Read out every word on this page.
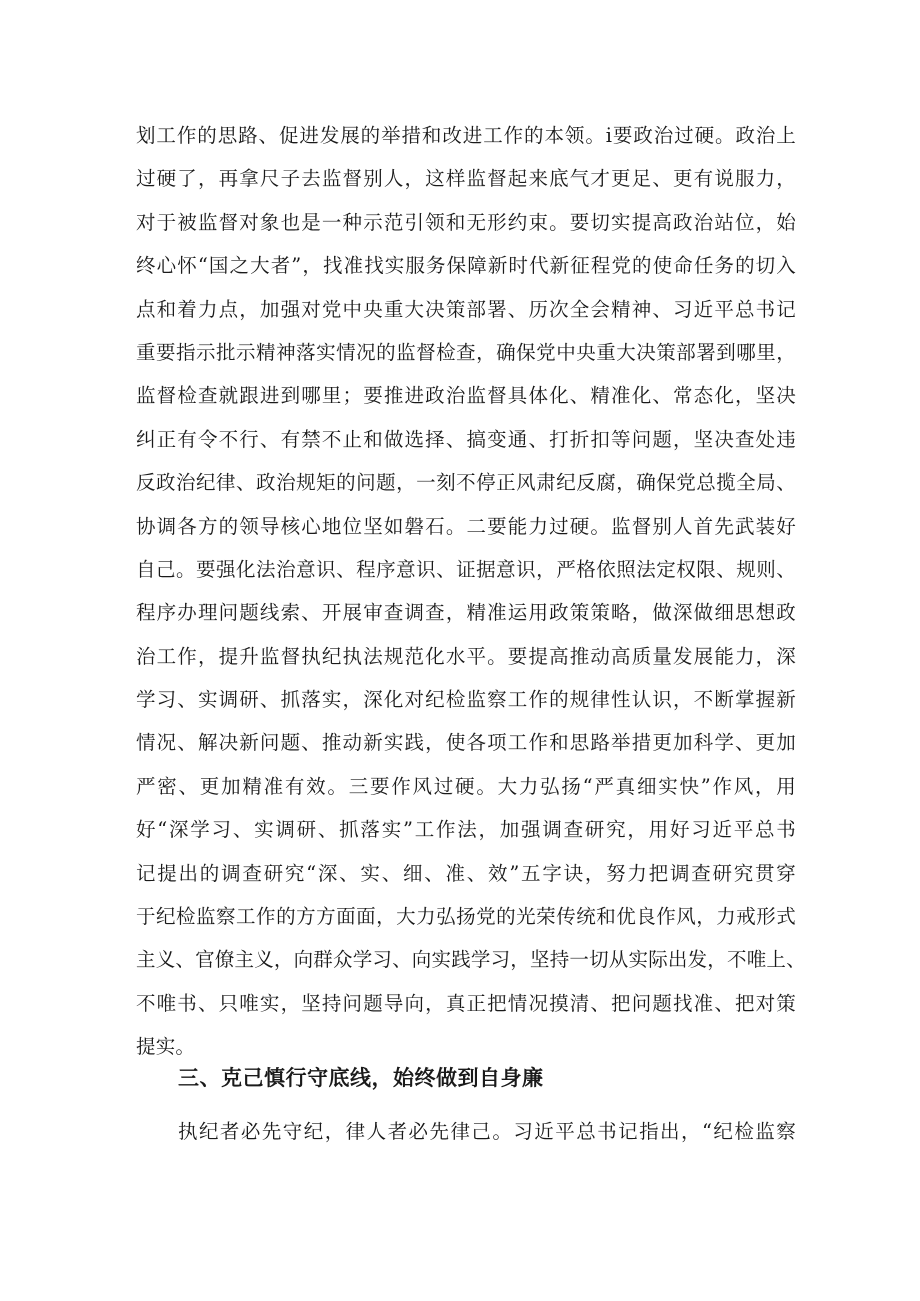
划工作的思路、促进发展的举措和改进工作的本领。i要政治过硬。政治上
过硬了，再拿尺子去监督别人，这样监督起来底气才更足、更有说服力，
对于被监督对象也是一种示范引领和无形约束。要切实提高政治站位，始
终心怀“国之大者”，找准找实服务保障新时代新征程党的使命任务的切入
点和着力点，加强对党中央重大决策部署、历次全会精神、习近平总书记
重要指示批示精神落实情况的监督检查，确保党中央重大决策部署到哪里，
监督检查就跟进到哪里；要推进政治监督具体化、精准化、常态化，坚决
纠正有令不行、有禁不止和做选择、搞变通、打折扣等问题，坚决查处违
反政治纪律、政治规矩的问题，一刻不停正风肃纪反腐，确保党总揽全局、
协调各方的领导核心地位坚如磐石。二要能力过硬。监督别人首先武装好
自己。要强化法治意识、程序意识、证据意识，严格依照法定权限、规则、
程序办理问题线索、开展审查调查，精准运用政策策略，做深做细思想政
治工作，提升监督执纪执法规范化水平。要提高推动高质量发展能力，深
学习、实调研、抓落实，深化对纪检监察工作的规律性认识，不断掌握新
情况、解决新问题、推动新实践，使各项工作和思路举措更加科学、更加
严密、更加精准有效。三要作风过硬。大力弘扬“严真细实快”作风，用
好“深学习、实调研、抓落实”工作法，加强调查研究，用好习近平总书
记提出的调查研究“深、实、细、准、效”五字诀，努力把调查研究贯穿
于纪检监察工作的方方面面，大力弘扬党的光荣传统和优良作风，力戒形式
主义、官僚主义，向群众学习、向实践学习，坚持一切从实际出发，不唯上、
不唯书、只唯实，坚持问题导向，真正把情况摸清、把问题找准、把对策
提实。
三、克己慎行守底线，始终做到自身廉
执纪者必先守纪，律人者必先律己。习近平总书记指出，“纪检监察
